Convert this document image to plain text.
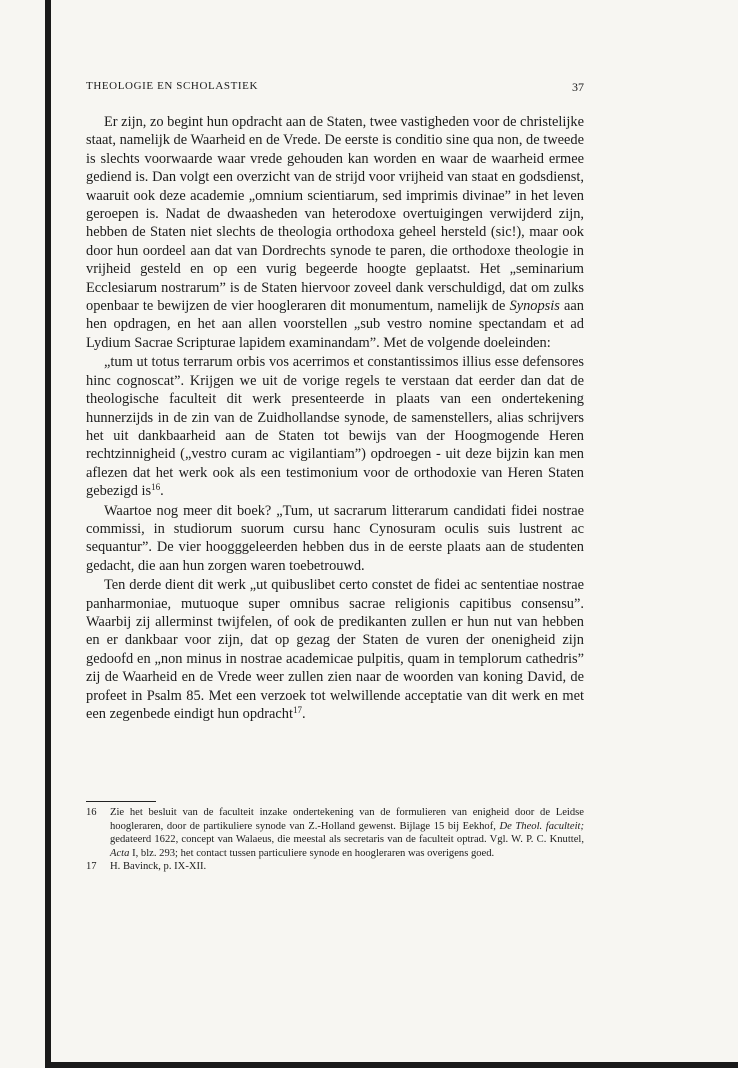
THEOLOGIE EN SCHOLASTIEK	37

Er zijn, zo begint hun opdracht aan de Staten, twee vastigheden voor de christelijke staat, namelijk de Waarheid en de Vrede. De eerste is conditio sine qua non, de tweede is slechts voorwaarde waar vrede gehouden kan worden en waar de waarheid ermee gediend is. Dan volgt een overzicht van de strijd voor vrijheid van staat en godsdienst, waaruit ook deze academie „omnium scientiarum, sed imprimis divinae” in het leven geroepen is. Nadat de dwaasheden van heterodoxe overtuigingen verwijderd zijn, hebben de Staten niet slechts de theologia orthodoxa geheel hersteld (sic!), maar ook door hun oordeel aan dat van Dordrechts synode te paren, die orthodoxe theologie in vrijheid gesteld en op een vurig begeerde hoogte geplaatst. Het „seminarium Ecclesiarum nostrarum” is de Staten hiervoor zoveel dank verschuldigd, dat om zulks openbaar te bewijzen de vier hoogleraren dit monumentum, namelijk de Synopsis aan hen opdragen, en het aan allen voorstellen „sub vestro nomine spectandam et ad Lydium Sacrae Scripturae lapidem examinandam”. Met de volgende doeleinden:

„tum ut totus terrarum orbis vos acerrimos et constantissimos illius esse defensores hinc cognoscat”. Krijgen we uit de vorige regels te verstaan dat eerder dan dat de theologische faculteit dit werk presenteerde in plaats van een ondertekening hunnerzijds in de zin van de Zuidhollandse synode, de samenstellers, alias schrijvers het uit dankbaarheid aan de Staten tot bewijs van der Hoogmogende Heren rechtzinnigheid („vestro curam ac vigilantiam”) opdroegen - uit deze bijzin kan men aflezen dat het werk ook als een testimonium voor de orthodoxie van Heren Staten gebezigd $is^{16}$.

Waartoe nog meer dit boek? „Tum, ut sacrarum litterarum candidati fidei nostrae commissi, in studiorum suorum cursu hanc Cynosuram oculis suis lustrent ac sequantur”. De vier hoogggeleerden hebben dus in de eerste plaats aan de studenten gedacht, die aan hun zorgen waren toebetrouwd.

Ten derde dient dit werk „ut quibuslibet certo constet de fidei ac sententiae nostrae panharmoniae, mutuoque super omnibus sacrae religionis capitibus consensu”. Waarbij zij allerminst twijfelen, of ook de predikanten zullen er hun nut van hebben en er dankbaar voor zijn, dat op gezag der Staten de vuren der onenigheid zijn gedoofd en „non minus in nostrae academicae pulpitis, quam in templorum cathedris” zij de Waarheid en de Vrede weer zullen zien naar de woorden van koning David, de profeet in Psalm 85. Met een verzoek tot welwillende acceptatie van dit werk en met een zegenbede eindigt hun opdracht$^{17}$.

16 Zie het besluit van de faculteit inzake ondertekening van de formulieren van enigheid door de Leidse hoogleraren, door de partikuliere synode van Z.-Holland gewenst. Bijlage 15 bij Eekhof, De Theol. faculteit; gedateerd 1622, concept van Walaeus, die meestal als secretaris van de faculteit optrad. Vgl. W. P. C. Knuttel, Acta I, blz. 293; het contact tussen particuliere synode en hoogleraren was overigens goed.
17 H. Bavinck, p. IX-XII.
